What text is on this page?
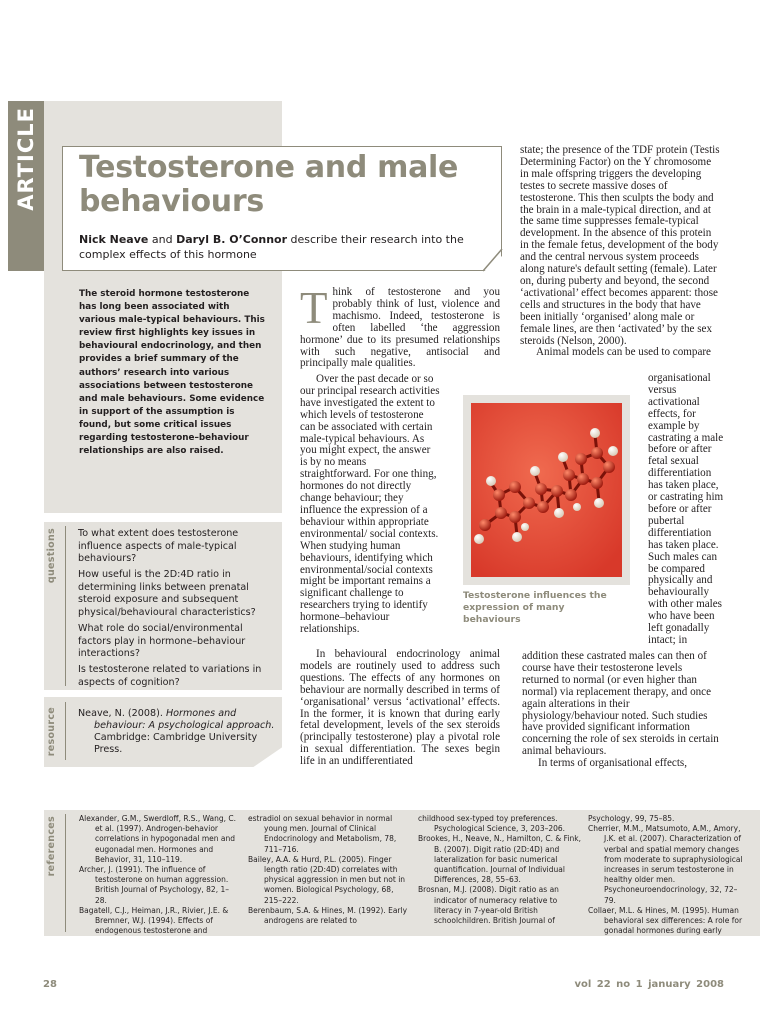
ARTICLE Testosterone and male behaviours
Nick Neave and Daryl B. O’Connor describe their research into the complex effects of this hormone

The steroid hormone testosterone has long been associated with various male-typical behaviours. This review first highlights key issues in behavioural endocrinology, and then provides a brief summary of the authors’ research into various associations between testosterone and male behaviours. Some evidence in support of the assumption is found, but some critical issues regarding testosterone–behaviour relationships are also raised.

questions To what extent does testosterone influence aspects of male-typical behaviours?
How useful is the 2D:4D ratio in determining links between prenatal steroid exposure and subsequent physical/behavioural characteristics?
What role do social/environmental factors play in hormone–behaviour interactions?
Is testosterone related to variations in aspects of cognition?
resource Neave, N. (2008). Hormones and behaviour: A psychological approach. Cambridge: Cambridge University Press.

Think of testosterone and you probably think of lust, violence and machismo. Indeed, testosterone is often labelled ‘the aggression hormone’ due to its presumed relationships with such negative, antisocial and principally male qualities.

Over the past decade or so our principal research activities have investigated the extent to which levels of testosterone can be associated with certain male-typical behaviours. As you might expect, the answer is by no means straightforward. For one thing, hormones do not directly change behaviour; they influence the expression of a behaviour within appropriate environmental/ social contexts. When studying human behaviours, identifying which environmental/social contexts might be important remains a significant challenge to researchers trying to identify hormone–behaviour relationships.

In behavioural endocrinology animal models are routinely used to address such questions. The effects of any hormones on behaviour are normally described in terms of ‘organisational’ versus ‘activational’ effects. In the former, it is known that during early fetal development, levels of the sex steroids (principally testosterone) play a pivotal role in sexual differentiation. The sexes begin life in an undifferentiated

state; the presence of the TDF protein (Testis Determining Factor) on the Y chromosome in male offspring triggers the developing testes to secrete massive doses of testosterone. This then sculpts the body and the brain in a male-typical direction, and at the same time suppresses female-typical development. In the absence of this protein in the female fetus, development of the body and the central nervous system proceeds along nature's default setting (female). Later on, during puberty and beyond, the second ‘activational’ effect becomes apparent: those cells and structures in the body that have been initially ‘organised’ along male or female lines, are then ‘activated’ by the sex steroids (Nelson, 2000).
Animal models can be used to compare

organisational versus activational effects, for example by castrating a male before or after fetal sexual differentiation has taken place, or castrating him before or after pubertal differentiation has taken place. Such males can be compared physically and behaviourally with other males who have been left gonadally intact; in

addition these castrated males can then of course have their testosterone levels returned to normal (or even higher than normal) via replacement therapy, and once again alterations in their physiology/behaviour noted. Such studies have provided significant information concerning the role of sex steroids in certain animal behaviours.
In terms of organisational effects,

Testosterone influences the expression of many behaviours
references	Alexander, G.M., Swerdloff, R.S., Wang, C. et al. (1997). Androgen-behavior correlations in hypogonadal men and eugonadal men. Hormones and Behavior, 31, 110–119.
Archer, J. (1991). The influence of testosterone on human aggression. British Journal of Psychology, 82, 1–28.
Bagatell, C.J., Heiman, J.R., Rivier, J.E. & Bremner, W.J. (1994). Effects of endogenous testosterone and
estradiol on sexual behavior in normal young men. Journal of Clinical Endocrinology and Metabolism, 78, 711–716.
Bailey, A.A. & Hurd, P.L. (2005). Finger length ratio (2D:4D) correlates with physical aggression in men but not in women. Biological Psychology, 68, 215–222.
Berenbaum, S.A. & Hines, M. (1992). Early androgens are related to
childhood sex-typed toy preferences. Psychological Science, 3, 203–206.
Brookes, H., Neave, N., Hamilton, C. & Fink, B. (2007). Digit ratio (2D:4D) and lateralization for basic numerical quantification. Journal of Individual Differences, 28, 55–63.
Brosnan, M.J. (2008). Digit ratio as an indicator of numeracy relative to literacy in 7-year-old British schoolchildren. British Journal of
Psychology, 99, 75–85.
Cherrier, M.M., Matsumoto, A.M., Amory, J.K. et al. (2007). Characterization of verbal and spatial memory changes from moderate to supraphysiological increases in serum testosterone in healthy older men. Psychoneuroendocrinology, 32, 72–79.
Collaer, M.L. & Hines, M. (1995). Human behavioral sex differences: A role for gonadal hormones during early
28	vol 22 no 1 january 2008
